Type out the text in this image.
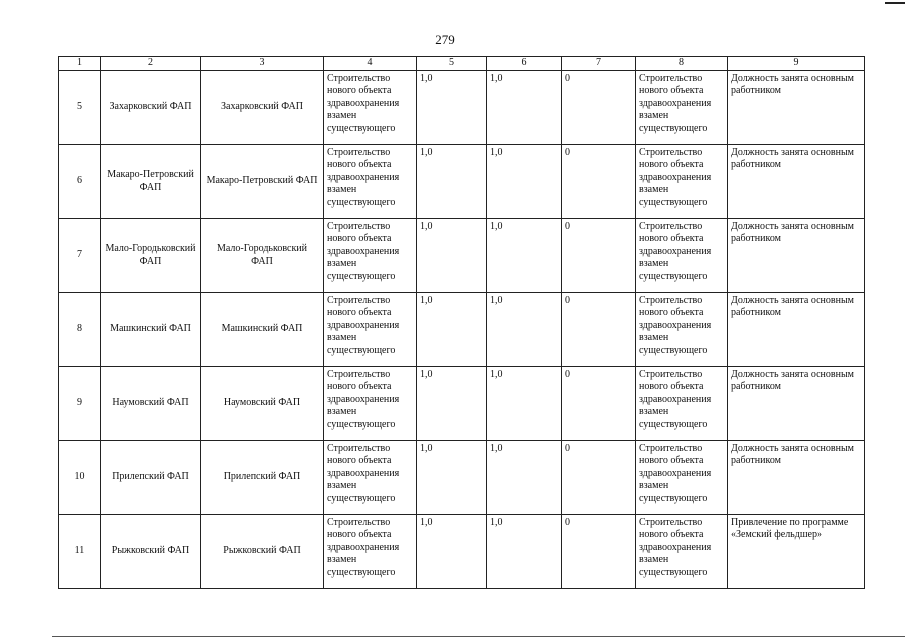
279
1	2	3	4	5	6	7	8	9
5	Захарковский ФАП	Захарковский ФАП	Строительство нового объекта здравоохранения взамен существующего	1,0	1,0	0	Строительство нового объекта здравоохранения взамен существующего	Должность занята основным работником
6	Макаро-Петровский ФАП	Макаро-Петровский ФАП	Строительство нового объекта здравоохранения взамен существующего	1,0	1,0	0	Строительство нового объекта здравоохранения взамен существующего	Должность занята основным работником
7	Мало-Городьковский ФАП	Мало-Городьковский ФАП	Строительство нового объекта здравоохранения взамен существующего	1,0	1,0	0	Строительство нового объекта здравоохранения взамен существующего	Должность занята основным работником
8	Машкинский ФАП	Машкинский ФАП	Строительство нового объекта здравоохранения взамен существующего	1,0	1,0	0	Строительство нового объекта здравоохранения взамен существующего	Должность занята основным работником
9	Наумовский ФАП	Наумовский ФАП	Строительство нового объекта здравоохранения взамен существующего	1,0	1,0	0	Строительство нового объекта здравоохранения взамен существующего	Должность занята основным работником
10	Прилепский ФАП	Прилепский ФАП	Строительство нового объекта здравоохранения взамен существующего	1,0	1,0	0	Строительство нового объекта здравоохранения взамен существующего	Должность занята основным работником
11	Рыжковский ФАП	Рыжковский ФАП	Строительство нового объекта здравоохранения взамен существующего	1,0	1,0	0	Строительство нового объекта здравоохранения взамен существующего	Привлечение по программе «Земский фельдшер»
